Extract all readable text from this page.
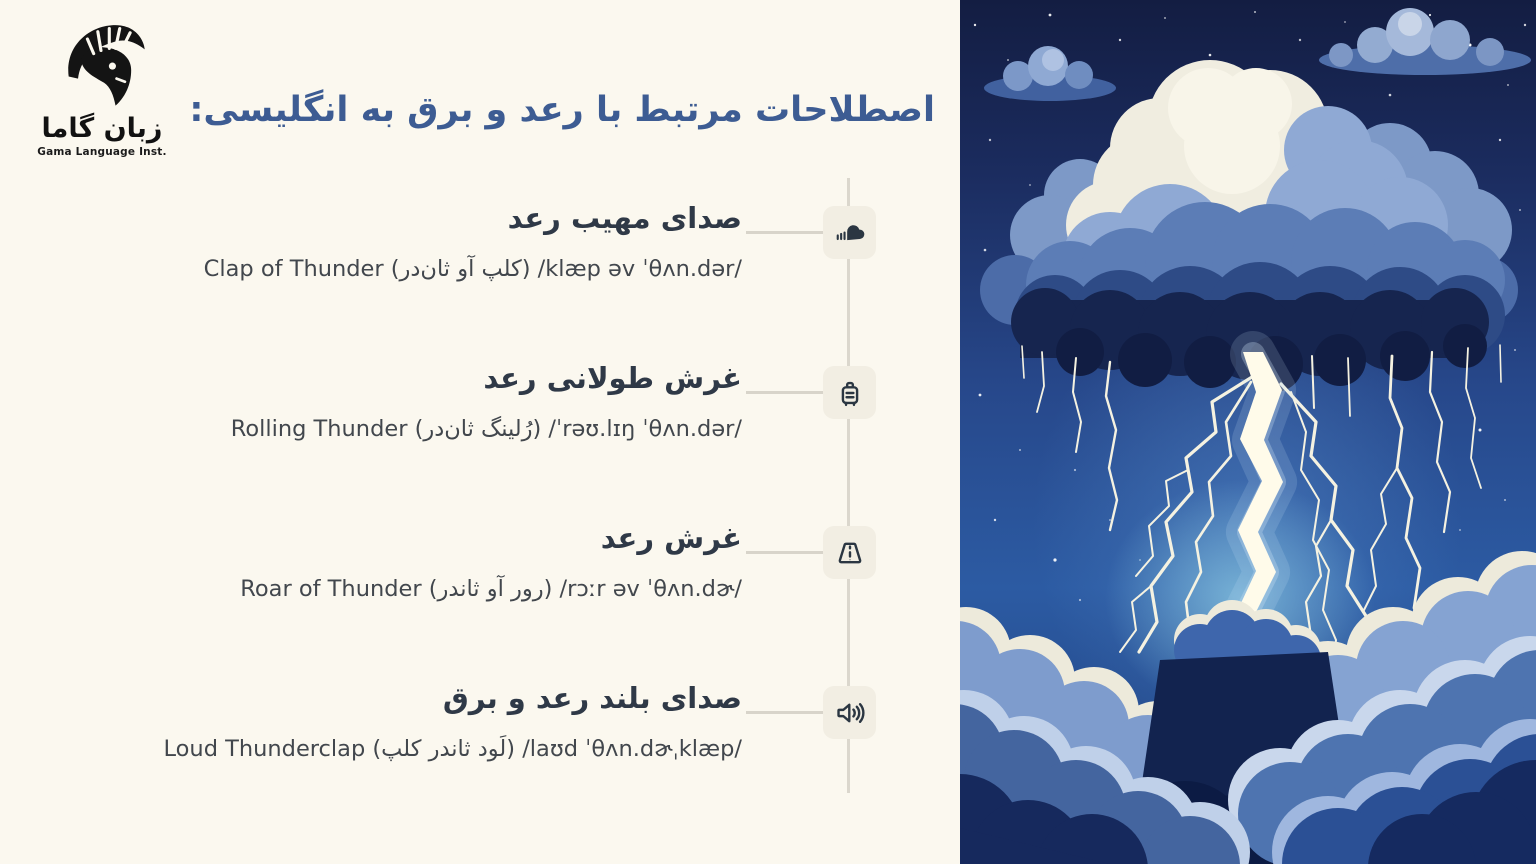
زبان گاما
Gama Language Inst.
اصطلاحات مرتبط با رعد و برق به انگلیسی:
صدای مهیب رعد
Clap of Thunder (کلپ آو ثان‌در) /klæp əv ˈθʌn.dər/
غرش طولانی رعد
Rolling Thunder (رُلینگ ثان‌در) /ˈrəʊ.lɪŋ ˈθʌn.dər/
غرش رعد
Roar of Thunder (رور آو ثاندر) /rɔːr əv ˈθʌn.dɚ/
صدای بلند رعد و برق
Loud Thunderclap (لَود ثاندر کلپ) /laʊd ˈθʌn.dɚˌklæp/
